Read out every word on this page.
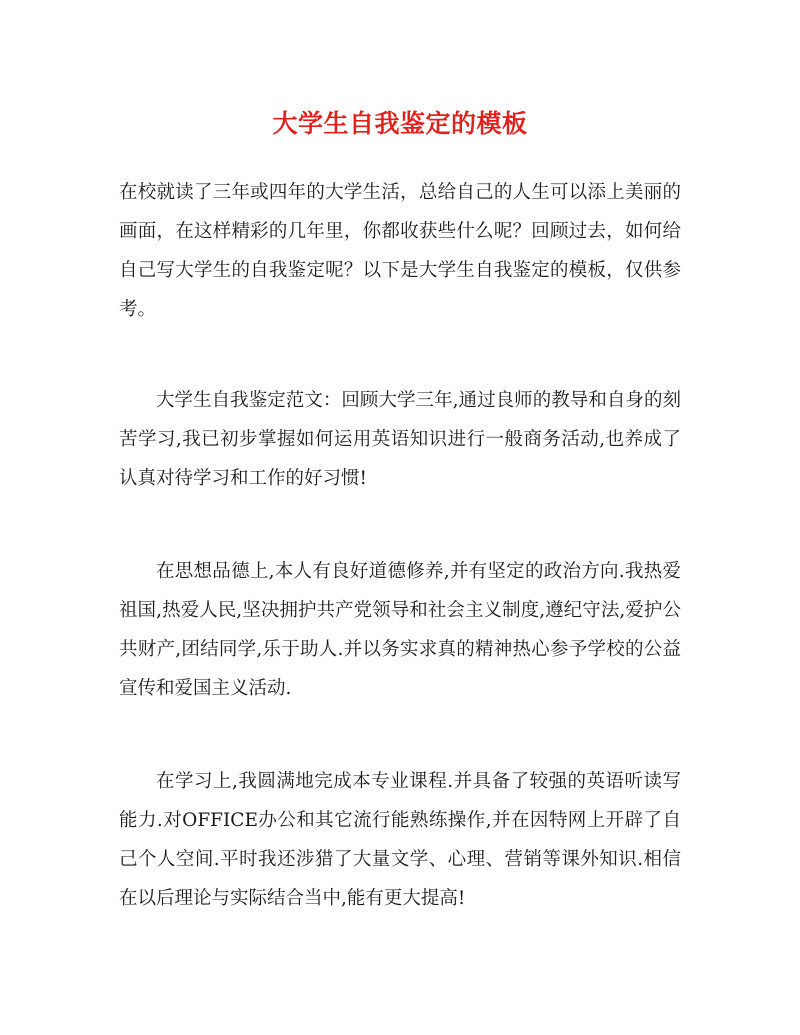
大学生自我鉴定的模板

在校就读了三年或四年的大学生活，总给自己的人生可以添上美丽的画面，在这样精彩的几年里，你都收获些什么呢？回顾过去，如何给自己写大学生的自我鉴定呢？以下是大学生自我鉴定的模板，仅供参考。

大学生自我鉴定范文：回顾大学三年,通过良师的教导和自身的刻苦学习,我已初步掌握如何运用英语知识进行一般商务活动,也养成了认真对待学习和工作的好习惯!

在思想品德上,本人有良好道德修养,并有坚定的政治方向.我热爱祖国,热爱人民,坚决拥护共产党领导和社会主义制度,遵纪守法,爱护公共财产,团结同学,乐于助人.并以务实求真的精神热心参予学校的公益宣传和爱国主义活动.

在学习上,我圆满地完成本专业课程.并具备了较强的英语听读写能力.对OFFICE办公和其它流行能熟练操作,并在因特网上开辟了自己个人空间.平时我还涉猎了大量文学、心理、营销等课外知识.相信在以后理论与实际结合当中,能有更大提高!
